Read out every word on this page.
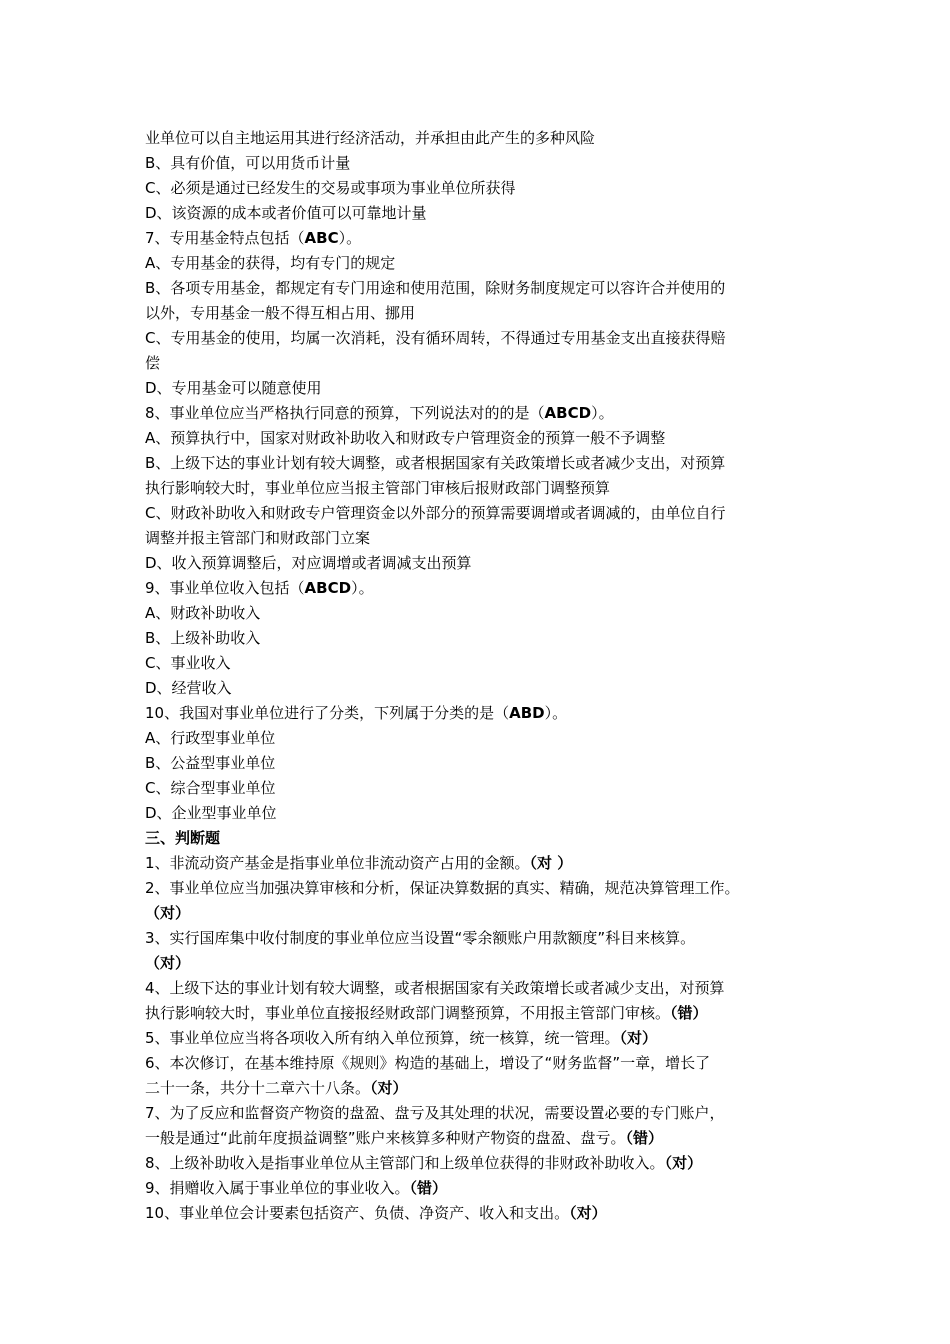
业单位可以自主地运用其进行经济活动，并承担由此产生的多种风险
B、具有价值，可以用货币计量
C、必须是通过已经发生的交易或事项为事业单位所获得
D、该资源的成本或者价值可以可靠地计量
7、专用基金特点包括（ABC）。
A、专用基金的获得，均有专门的规定
B、各项专用基金，都规定有专门用途和使用范围，除财务制度规定可以容许合并使用的
以外，专用基金一般不得互相占用、挪用
C、专用基金的使用，均属一次消耗，没有循环周转，不得通过专用基金支出直接获得赔
偿
D、专用基金可以随意使用
8、事业单位应当严格执行同意的预算，下列说法对的的是（ABCD）。
A、预算执行中，国家对财政补助收入和财政专户管理资金的预算一般不予调整
B、上级下达的事业计划有较大调整，或者根据国家有关政策增长或者减少支出，对预算
执行影响较大时，事业单位应当报主管部门审核后报财政部门调整预算
C、财政补助收入和财政专户管理资金以外部分的预算需要调增或者调减的，由单位自行
调整并报主管部门和财政部门立案
D、收入预算调整后，对应调增或者调减支出预算
9、事业单位收入包括（ABCD）。
A、财政补助收入
B、上级补助收入
C、事业收入
D、经营收入
10、我国对事业单位进行了分类，下列属于分类的是（ABD）。
A、行政型事业单位
B、公益型事业单位
C、综合型事业单位
D、企业型事业单位
三、判断题
1、非流动资产基金是指事业单位非流动资产占用的金额。（对 ）
2、事业单位应当加强决算审核和分析，保证决算数据的真实、精确，规范决算管理工作。
（对）
3、实行国库集中收付制度的事业单位应当设置“零余额账户用款额度”科目来核算。
（对）
4、上级下达的事业计划有较大调整，或者根据国家有关政策增长或者减少支出，对预算
执行影响较大时，事业单位直接报经财政部门调整预算，不用报主管部门审核。（错）
5、事业单位应当将各项收入所有纳入单位预算，统一核算，统一管理。（对）
6、本次修订，在基本维持原《规则》构造的基础上，增设了“财务监督”一章，增长了
二十一条，共分十二章六十八条。（对）
7、为了反应和监督资产物资的盘盈、盘亏及其处理的状况，需要设置必要的专门账户，
一般是通过“此前年度损益调整”账户来核算多种财产物资的盘盈、盘亏。（错）
8、上级补助收入是指事业单位从主管部门和上级单位获得的非财政补助收入。（对）
9、捐赠收入属于事业单位的事业收入。（错）
10、事业单位会计要素包括资产、负债、净资产、收入和支出。（对）
